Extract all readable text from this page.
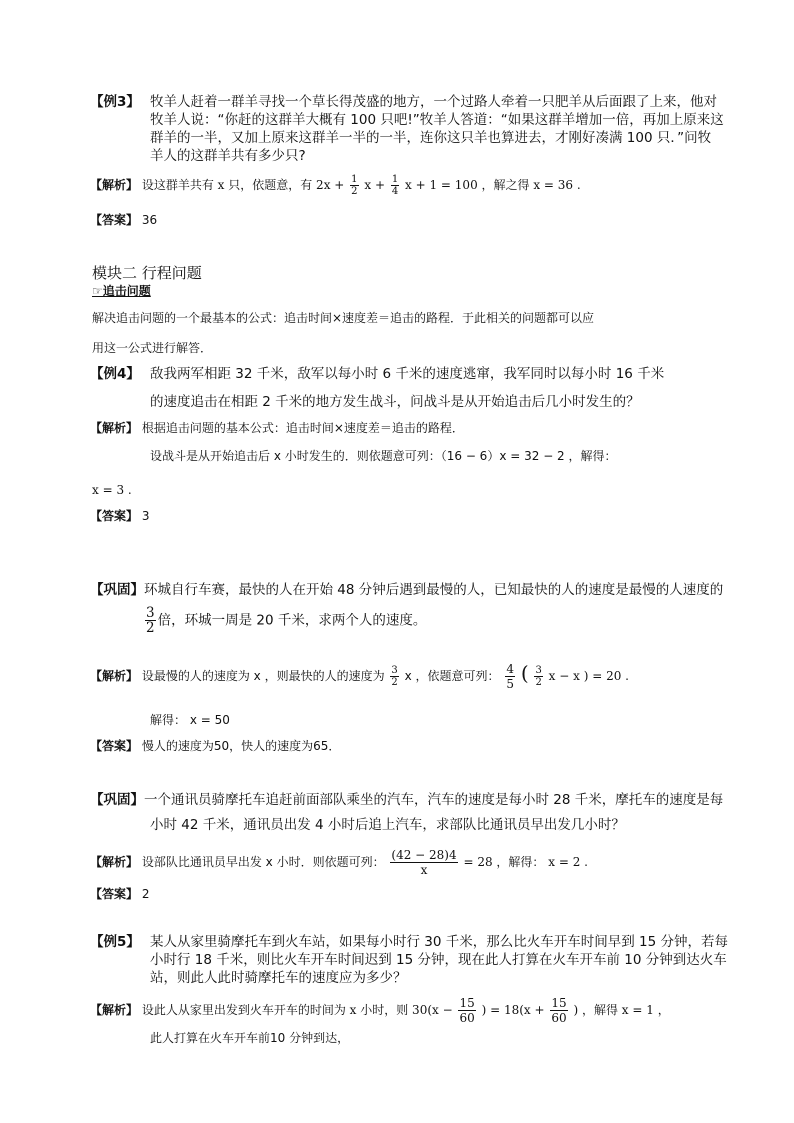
【例3】 牧羊人赶着一群羊寻找一个草长得茂盛的地方，一个过路人牵着一只肥羊从后面跟了上来，他对
牧羊人说：“你赶的这群羊大概有 100 只吧!”牧羊人答道：“如果这群羊增加一倍，再加上原来这
群羊的一半，又加上原来这群羊一半的一半，连你这只羊也算进去，才刚好凑满 100 只．”问牧
羊人的这群羊共有多少只?
【解析】 设这群羊共有 x 只，依题意，有 $2x + \frac{1}{2}$ $x + \frac{1}{4}$ x + 1 = 100 ，解之得 x = 36 .
【答案】 36
模块二 行程问题
☞追击问题
解决追击问题的一个最基本的公式：追击时间×速度差＝追击的路程．于此相关的问题都可以应
用这一公式进行解答．
【例4】 敌我两军相距 32 千米，敌军以每小时 6 千米的速度逃窜，我军同时以每小时 16 千米
的速度追击在相距 2 千米的地方发生战斗，问战斗是从开始追击后几小时发生的？
【解析】 根据追击问题的基本公式：追击时间×速度差＝追击的路程．
设战斗是从开始追击后 x 小时发生的．则依题意可列：（16 − 6）x = 32 − 2 ，解得：
x = 3 .
【答案】 3
【巩固】环城自行车赛，最快的人在开始 48 分钟后遇到最慢的人，已知最快的人的速度是最慢的人速度的
$\frac{3}{2}$ 倍，环城一周是 20 千米，求两个人的速度。
【解析】 设最慢的人的速度为 x ，则最快的人的速度为 $\frac{3}{2}$ x ，依题意可列： $\frac{4}{5}$ ( $\frac{3}{2}$ x − x ) = 20 .
解得： x = 50
【答案】 慢人的速度为50，快人的速度为65．
【巩固】一个通讯员骑摩托车追赶前面部队乘坐的汽车，汽车的速度是每小时 28 千米，摩托车的速度是每
小时 42 千米，通讯员出发 4 小时后追上汽车，求部队比通讯员早出发几小时？
【解析】 设部队比通讯员早出发 x 小时．则依题可列： $\frac{(42 - 28)4}{x} = 28$ ，解得： x = 2 .
【答案】 2
【例5】 某人从家里骑摩托车到火车站，如果每小时行 30 千米，那么比火车开车时间早到 15 分钟，若每
小时行 18 千米，则比火车开车时间迟到 15 分钟，现在此人打算在火车开车前 10 分钟到达火车
站，则此人此时骑摩托车的速度应为多少？
【解析】 设此人从家里出发到火车开车的时间为 x 小时，则 $30(x - \frac{15}{60}$ ) = $18(x + \frac{15}{60}$ ) ，解得 x = 1 ，
此人打算在火车开车前10 分钟到达，
